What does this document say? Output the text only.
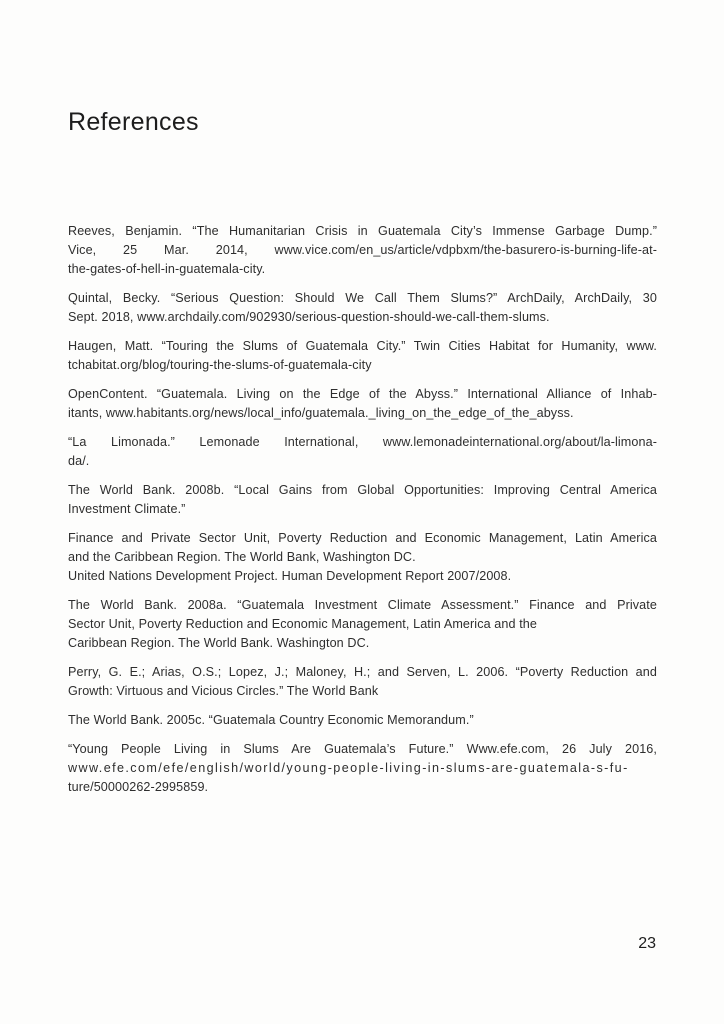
References

Reeves, Benjamin. “The Humanitarian Crisis in Guatemala City’s Immense Garbage Dump.”
Vice, 25 Mar. 2014, www.vice.com/en_us/article/vdpbxm/the-basurero-is-burning-life-at-
the-gates-of-hell-in-guatemala-city.

Quintal, Becky. “Serious Question: Should We Call Them Slums?” ArchDaily, ArchDaily, 30
Sept. 2018, www.archdaily.com/902930/serious-question-should-we-call-them-slums.

Haugen, Matt. “Touring the Slums of Guatemala City.” Twin Cities Habitat for Humanity, www.
tchabitat.org/blog/touring-the-slums-of-guatemala-city

OpenContent. “Guatemala. Living on the Edge of the Abyss.” International Alliance of Inhab-
itants, www.habitants.org/news/local_info/guatemala._living_on_the_edge_of_the_abyss.

“La Limonada.” Lemonade International, www.lemonadeinternational.org/about/la-limona-
da/.

The World Bank. 2008b. “Local Gains from Global Opportunities: Improving Central America
Investment Climate.”

Finance and Private Sector Unit, Poverty Reduction and Economic Management, Latin America
and the Caribbean Region. The World Bank, Washington DC.
United Nations Development Project. Human Development Report 2007/2008.

The World Bank. 2008a. “Guatemala Investment Climate Assessment.” Finance and Private
Sector Unit, Poverty Reduction and Economic Management, Latin America and the
Caribbean Region. The World Bank. Washington DC.

Perry, G. E.; Arias, O.S.; Lopez, J.; Maloney, H.; and Serven, L. 2006. “Poverty Reduction and
Growth: Virtuous and Vicious Circles.” The World Bank

The World Bank. 2005c. “Guatemala Country Economic Memorandum.”

“Young People Living in Slums Are Guatemala’s Future.” Www.efe.com, 26 July 2016,
www.efe.com/efe/english/world/young-people-living-in-slums-are-guatemala-s-fu-
ture/50000262-2995859.

23
